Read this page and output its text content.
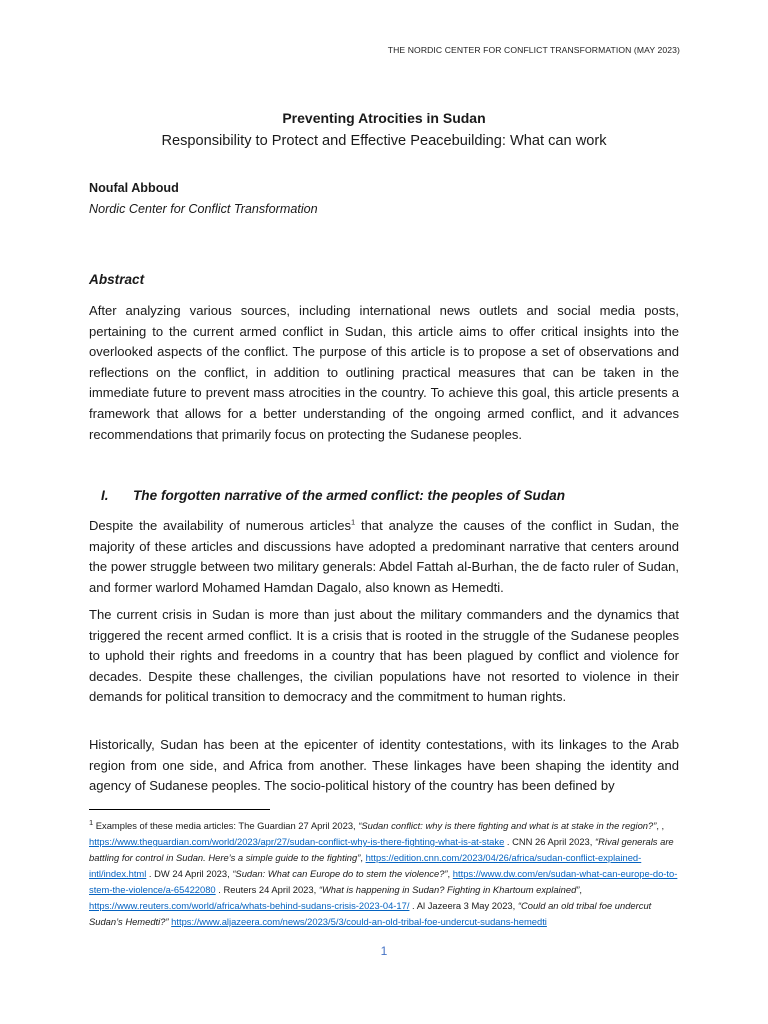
THE NORDIC CENTER FOR CONFLICT TRANSFORMATION (MAY 2023)
Preventing Atrocities in Sudan
Responsibility to Protect and Effective Peacebuilding: What can work
Noufal Abboud
Nordic Center for Conflict Transformation
Abstract

After analyzing various sources, including international news outlets and social media posts, pertaining to the current armed conflict in Sudan, this article aims to offer critical insights into the overlooked aspects of the conflict. The purpose of this article is to propose a set of observations and reflections on the conflict, in addition to outlining practical measures that can be taken in the immediate future to prevent mass atrocities in the country. To achieve this goal, this article presents a framework that allows for a better understanding of the ongoing armed conflict, and it advances recommendations that primarily focus on protecting the Sudanese peoples.

I. The forgotten narrative of the armed conflict: the peoples of Sudan

Despite the availability of numerous articles$^1$ that analyze the causes of the conflict in Sudan, the majority of these articles and discussions have adopted a predominant narrative that centers around the power struggle between two military generals: Abdel Fattah al-Burhan, the de facto ruler of Sudan, and former warlord Mohamed Hamdan Dagalo, also known as Hemedti.

The current crisis in Sudan is more than just about the military commanders and the dynamics that triggered the recent armed conflict. It is a crisis that is rooted in the struggle of the Sudanese peoples to uphold their rights and freedoms in a country that has been plagued by conflict and violence for decades. Despite these challenges, the civilian populations have not resorted to violence in their demands for political transition to democracy and the commitment to human rights.

Historically, Sudan has been at the epicenter of identity contestations, with its linkages to the Arab region from one side, and Africa from another. These linkages have been shaping the identity and agency of Sudanese peoples. The socio-political history of the country has been defined by

$^1$ Examples of these media articles: The Guardian 27 April 2023, “Sudan conflict: why is there fighting and what is at stake in the region?”, , https://www.theguardian.com/world/2023/apr/27/sudan-conflict-why-is-there-fighting-what-is-at-stake . CNN 26 April 2023, “Rival generals are battling for control in Sudan. Here’s a simple guide to the fighting”, https://edition.cnn.com/2023/04/26/africa/sudan-conflict-explained-intl/index.html . DW 24 April 2023, “Sudan: What can Europe do to stem the violence?”, https://www.dw.com/en/sudan-what-can-europe-do-to-stem-the-violence/a-65422080 . Reuters 24 April 2023, “What is happening in Sudan? Fighting in Khartoum explained”, https://www.reuters.com/world/africa/whats-behind-sudans-crisis-2023-04-17/ . Al Jazeera 3 May 2023, “Could an old tribal foe undercut Sudan’s Hemedti?” https://www.aljazeera.com/news/2023/5/3/could-an-old-tribal-foe-undercut-sudans-hemedti

1
